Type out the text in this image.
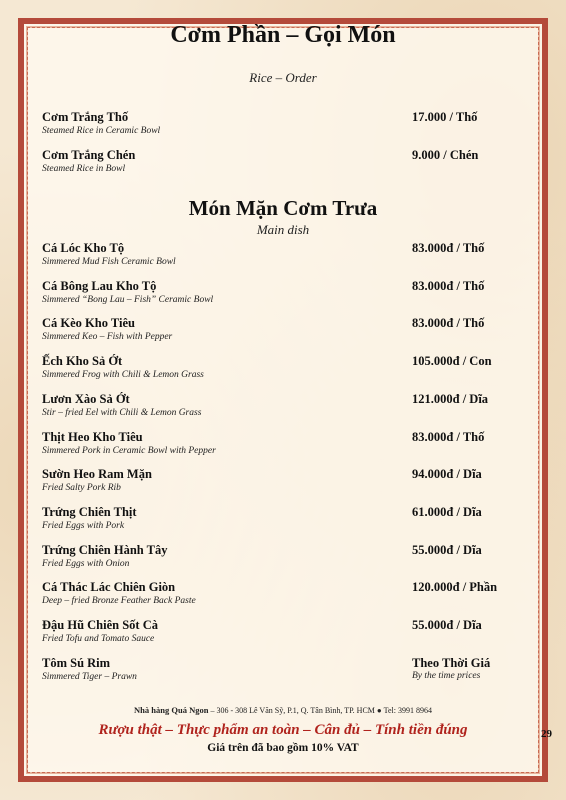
Cơm Phần – Gọi Món
Rice – Order
Cơm Trắng Thố
Steamed Rice in Ceramic Bowl
17.000 / Thố
Cơm Trắng Chén
Steamed Rice in Bowl
9.000 / Chén
Món Mặn Cơm Trưa
Main dish
Cá Lóc Kho Tộ
Simmered Mud Fish Ceramic Bowl
83.000đ / Thố
Cá Bông Lau Kho Tộ
Simmered “Bong Lau – Fish” Ceramic Bowl
83.000đ / Thố
Cá Kèo Kho Tiêu
Simmered Keo – Fish with Pepper
83.000đ / Thố
Ếch Kho Sả Ớt
Simmered Frog with Chili & Lemon Grass
105.000đ / Con
Lươn Xào Sả Ớt
Stir – fried Eel with Chili & Lemon Grass
121.000đ / Dĩa
Thịt Heo Kho Tiêu
Simmered Pork in Ceramic Bowl with Pepper
83.000đ / Thố
Sườn Heo Ram Mặn
Fried Salty Pork Rib
94.000đ / Dĩa
Trứng Chiên Thịt
Fried Eggs with Pork
61.000đ / Dĩa
Trứng Chiên Hành Tây
Fried Eggs with Onion
55.000đ / Dĩa
Cá Thác Lác Chiên Giòn
Deep – fried Bronze Feather Back Paste
120.000đ / Phần
Đậu Hũ Chiên Sốt Cà
Fried Tofu and Tomato Sauce
55.000đ / Dĩa
Tôm Sú Rim
Simmered Tiger – Prawn
Theo Thời Giá
By the time prices
Nhà hàng Quá Ngon – 306 - 308 Lê Văn Sỹ, P.1, Q. Tân Bình, TP. HCM ● Tel: 3991 8964
Rượu thật – Thực phẩm an toàn – Cân đủ – Tính tiền đúng
Giá trên đã bao gồm 10% VAT
29
